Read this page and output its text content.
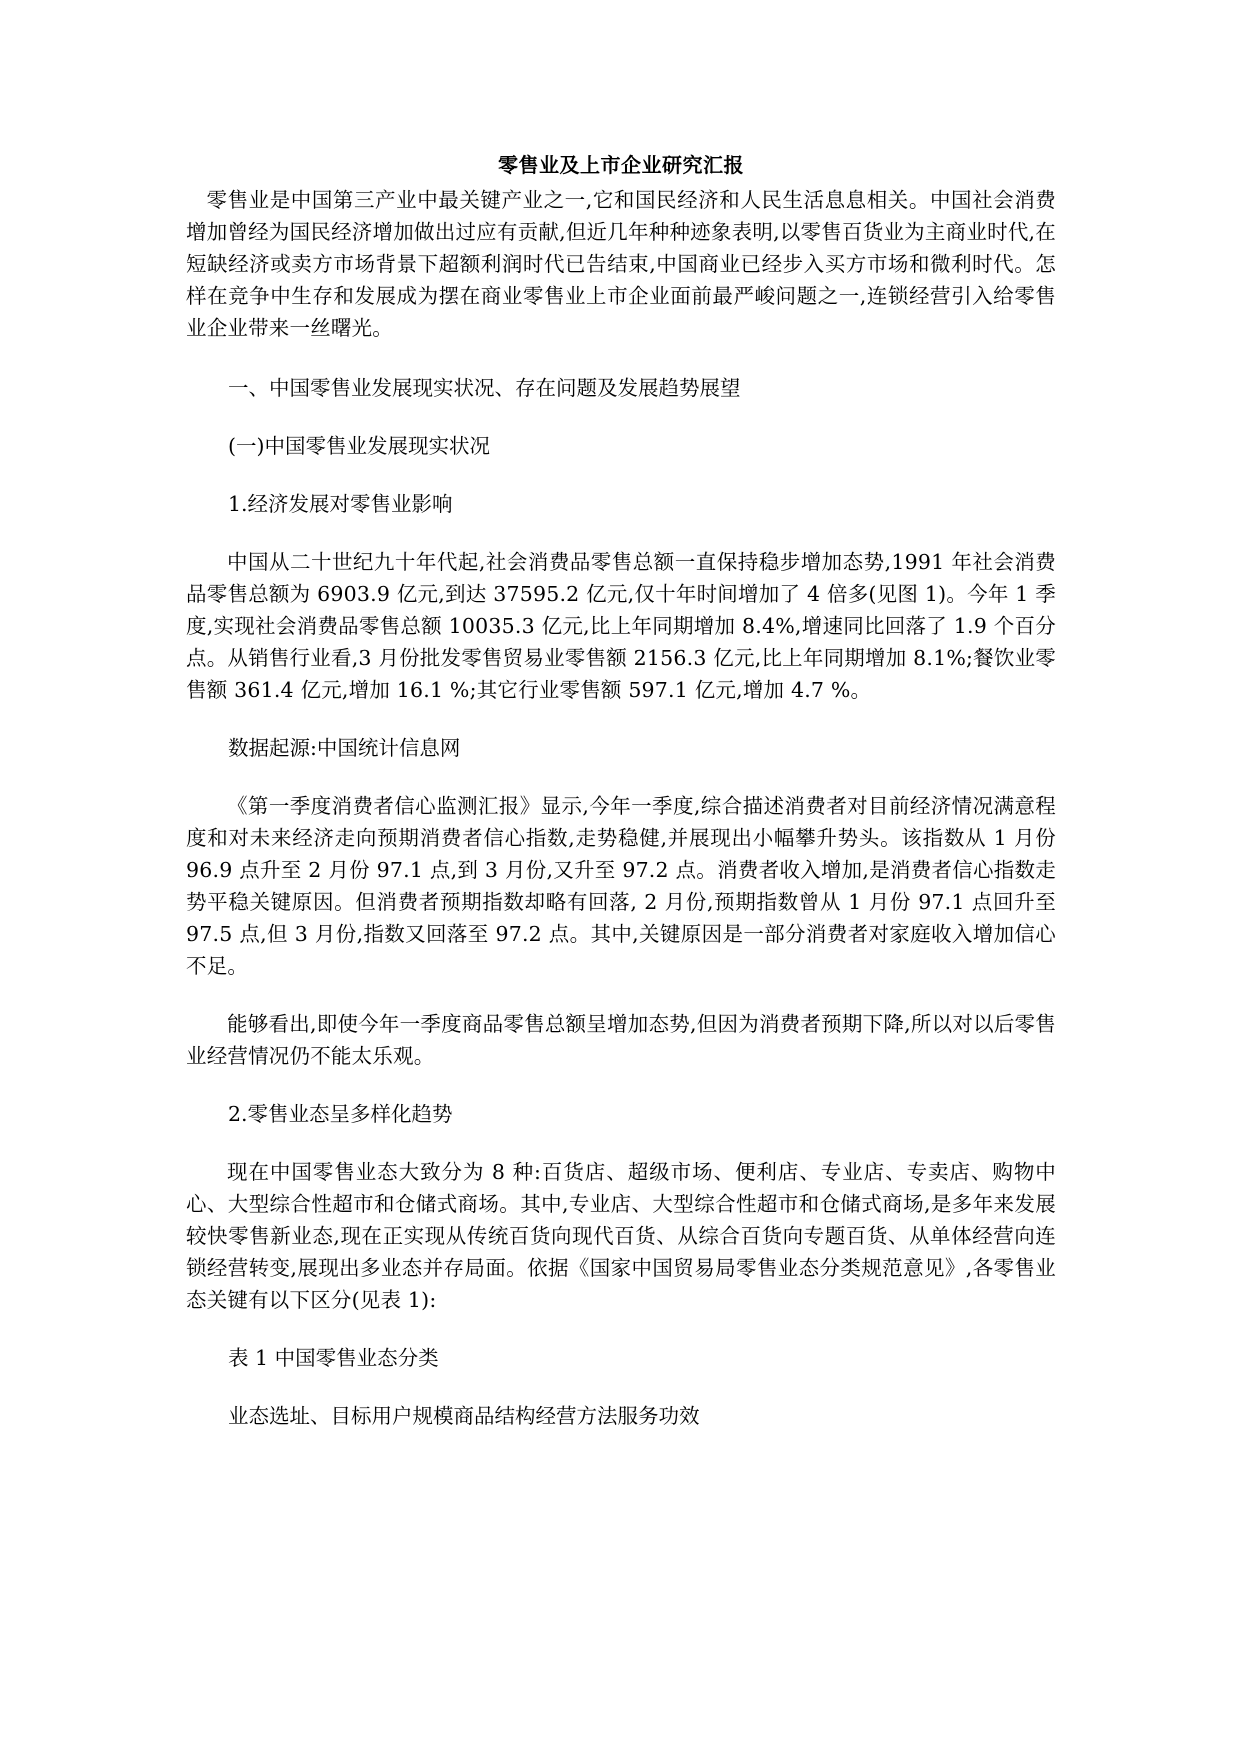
零售业及上市企业研究汇报

零售业是中国第三产业中最关键产业之一,它和国民经济和人民生活息息相关。中国社会消费增加曾经为国民经济增加做出过应有贡献,但近几年种种迹象表明,以零售百货业为主商业时代,在短缺经济或卖方市场背景下超额利润时代已告结束,中国商业已经步入买方市场和微利时代。怎样在竞争中生存和发展成为摆在商业零售业上市企业面前最严峻问题之一,连锁经营引入给零售业企业带来一丝曙光。

一、中国零售业发展现实状况、存在问题及发展趋势展望
(一)中国零售业发展现实状况
1.经济发展对零售业影响

中国从二十世纪九十年代起,社会消费品零售总额一直保持稳步增加态势,1991 年社会消费品零售总额为 6903.9 亿元,到达 37595.2 亿元,仅十年时间增加了 4 倍多(见图 1)。今年 1 季度,实现社会消费品零售总额 10035.3 亿元,比上年同期增加 8.4%,增速同比回落了 1.9 个百分点。从销售行业看,3 月份批发零售贸易业零售额 2156.3 亿元,比上年同期增加 8.1%;餐饮业零售额 361.4 亿元,增加 16.1 %;其它行业零售额 597.1 亿元,增加 4.7 %。

数据起源:中国统计信息网

《第一季度消费者信心监测汇报》显示,今年一季度,综合描述消费者对目前经济情况满意程度和对未来经济走向预期消费者信心指数,走势稳健,并展现出小幅攀升势头。该指数从 1 月份 96.9 点升至 2 月份 97.1 点,到 3 月份,又升至 97.2 点。消费者收入增加,是消费者信心指数走势平稳关键原因。但消费者预期指数却略有回落, 2 月份,预期指数曾从 1 月份 97.1 点回升至 97.5 点,但 3 月份,指数又回落至 97.2 点。其中,关键原因是一部分消费者对家庭收入增加信心不足。

能够看出,即使今年一季度商品零售总额呈增加态势,但因为消费者预期下降,所以对以后零售业经营情况仍不能太乐观。

2.零售业态呈多样化趋势

现在中国零售业态大致分为 8 种:百货店、超级市场、便利店、专业店、专卖店、购物中心、大型综合性超市和仓储式商场。其中,专业店、大型综合性超市和仓储式商场,是多年来发展较快零售新业态,现在正实现从传统百货向现代百货、从综合百货向专题百货、从单体经营向连锁经营转变,展现出多业态并存局面。依据《国家中国贸易局零售业态分类规范意见》,各零售业态关键有以下区分(见表 1):

表 1 中国零售业态分类
业态选址、目标用户规模商品结构经营方法服务功效
